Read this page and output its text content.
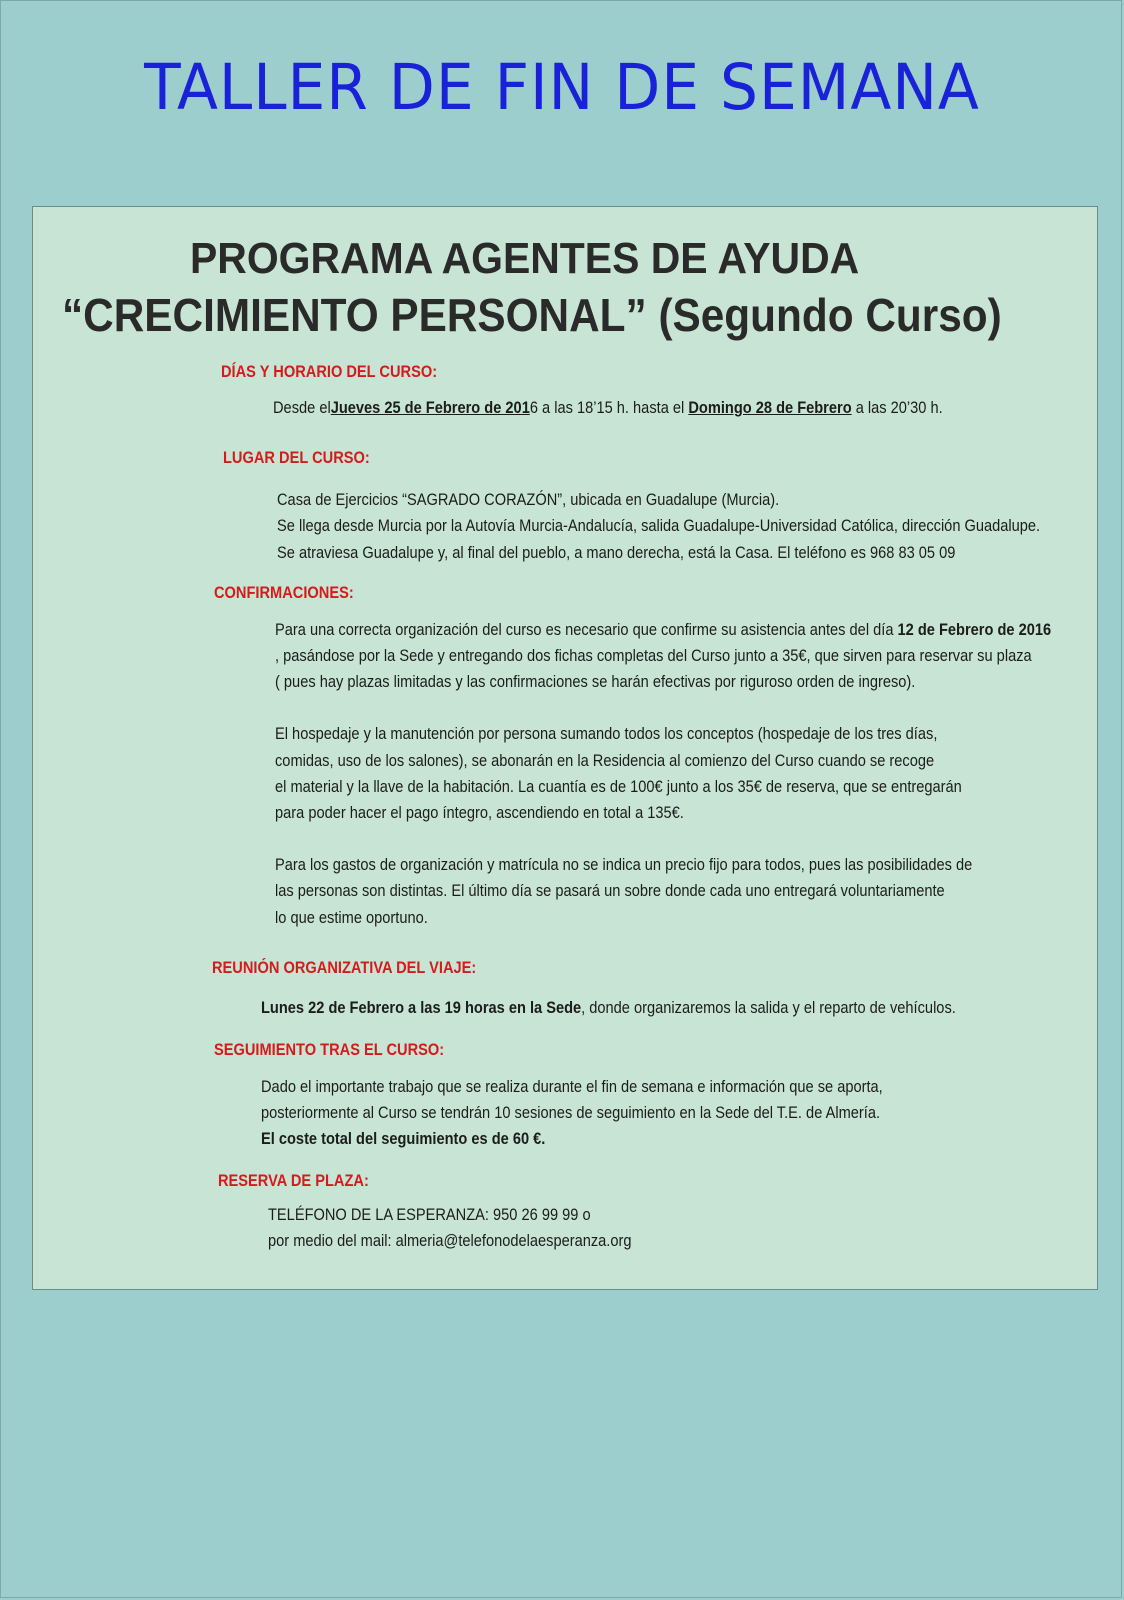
TALLER DE FIN DE SEMANA
PROGRAMA AGENTES DE AYUDA
“CRECIMIENTO PERSONAL” (Segundo Curso)
DÍAS Y HORARIO DEL CURSO:
Desde elJueves 25 de Febrero de 2016 a las 18’15 h. hasta el Domingo 28 de Febrero a las 20’30 h.
LUGAR DEL CURSO:
Casa de Ejercicios “SAGRADO CORAZÓN”, ubicada en Guadalupe (Murcia).
Se llega desde Murcia por la Autovía Murcia-Andalucía, salida Guadalupe-Universidad Católica, dirección Guadalupe.
Se atraviesa Guadalupe y, al final del pueblo, a mano derecha, está la Casa. El teléfono es 968 83 05 09
CONFIRMACIONES:
Para una correcta organización del curso es necesario que confirme su asistencia antes del día 12 de Febrero de 2016
, pasándose por la Sede y entregando dos fichas completas del Curso junto a 35€, que sirven para reservar su plaza
( pues hay plazas limitadas y las confirmaciones se harán efectivas por riguroso orden de ingreso).
El hospedaje y la manutención por persona sumando todos los conceptos (hospedaje de los tres días,
comidas, uso de los salones), se abonarán en la Residencia al comienzo del Curso cuando se recoge
el material y la llave de la habitación. La cuantía es de 100€ junto a los 35€ de reserva, que se entregarán
para poder hacer el pago íntegro, ascendiendo en total a 135€.
Para los gastos de organización y matrícula no se indica un precio fijo para todos, pues las posibilidades de
las personas son distintas. El último día se pasará un sobre donde cada uno entregará voluntariamente
lo que estime oportuno.
REUNIÓN ORGANIZATIVA DEL VIAJE:
Lunes 22 de Febrero a las 19 horas en la Sede, donde organizaremos la salida y el reparto de vehículos.
SEGUIMIENTO TRAS EL CURSO:
Dado el importante trabajo que se realiza durante el fin de semana e información que se aporta,
posteriormente al Curso se tendrán 10 sesiones de seguimiento en la Sede del T.E. de Almería.
El coste total del seguimiento es de 60 €.
RESERVA DE PLAZA:
TELÉFONO DE LA ESPERANZA: 950 26 99 99 o
por medio del mail: almeria@telefonodelaesperanza.org
